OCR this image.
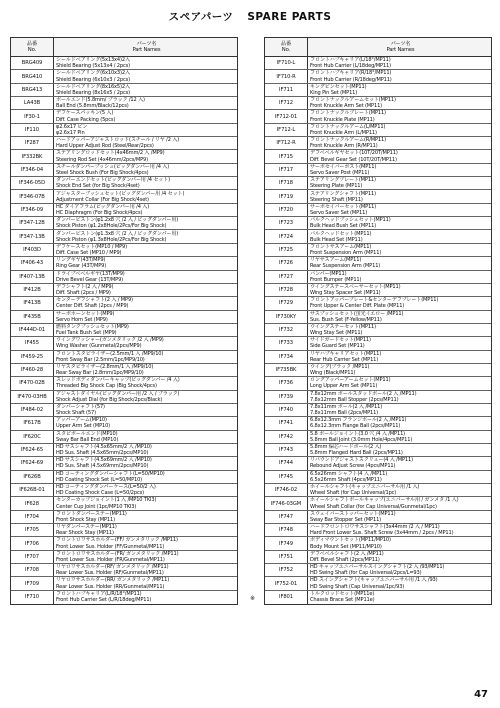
スペアパーツ SPARE PARTS
品番
No.
パーツ名
Part Names
BRG409
シールドベアリング(5x13x4)2入
Shield Bearing (5x13x4 / 2pcs)
BRG410
シールドベアリング(6x10x3)2入
Shield Bearing (6x10x3 / 2pcs)
BRG413
シールドベアリング(8x16x5)2入
Shield Bearing (8x16x5 / 2pcs)
LA43B
ボールエンド(5.8mm/ ブラック /12 入)
Ball End (5.8mm/Black/12pcs)
IF30-1
デフケースパッキン(5 入)
Diff. Case Packing (5pcs)
IF110
φ2.6x17 ピン
φ2.6x17 Pin
IF287
ハードアッパーアジャストロッド(スチール / リヤ /2 入)
Hard Upper Adjust Rod (Steel/Rear/2pcs)
IF332BK
ステアリングロッドセット(4x46mm/2 入 /MP9)
Steering Rod Set (4x46mm/2pcs/MP9)
IF346-04
スチールダンパーブッシュ(ビッグダンパー用 /4 入)
Steel Shock Bush (For Big Shock/4pcs)
IF346-05D
ダンパーエンドセット(ビッグダンパー用 /4 セット)
Shock End Set (for Big Shock/4set)
IF346-07B
アジャスターブッシュセット(ビッグダンパー用 /4 セット)
Adjustment Collar (For Big Shock/4set)
IF346-09
HC ダイアフラム(ビッグダンパー用 /4 入)
HC Diaphragm (For Big Shock/4pcs)
IF347-12B
ダンパーピストン(φ1.2x8 穴 /2 入 / ビッグダンパー用)
Shock Piston (φ1.2x8Hole/2Pcs/For Big Shock)
IF347-13B
ダンパーピストン(φ1.3x8 穴 /2 入 / ビッグダンパー用)
Shock Piston (φ1.3x8Hole/2Pcs/For Big Shock)
IF403D
デフケースセット(MP10 / MP9)
Diff. Case Set (MP10 / MP9)
IF406-43
リングギヤ(43T/MP9)
Ring Gear (43T/MP9)
IF407-13B
ドライブベベルギヤ(13T/MP9)
Drive Bevel Gear (13T/MP9)
IF412B
デフシャフト(2 入 / MP9)
Diff. Shaft (2pcs / MP9)
IF413B
センターデフシャフト(2 入 / MP9)
Center Diff. Shaft (2pcs / MP9)
IF435B
サーボホーンセット(MP9)
Servo Horn Set (MP9)
IF444D-01
燃料タンクブッシュセット(MP9)
Fuel Tank Bush Set (MP9)
IF455
ウイングワッシャー(ガンメタリック /2 入 /MP9)
Wing Washer (Gunmetal/2pcs/MP9)
IF459-25
フロントスタビライザー(2.5mm/1 入 /MP9/10)
Front Sway Bar (2.5mm/1pc/MP9/10)
IF460-28
リヤスタビライザー(2.8mm/1 入 /MP9/10)
Rear Sway Bar (2.8mm/1pc/MP9/10)
IF470-02B
スレッドボディダンパーキャップ(ビッグダンパー /4 入)
Threaded Big Shock Cap (Big Shock/4pcs)
IF470-03HB
アジャストダイヤル(ビッグダンパー用 /2 入 / ブラック)
Shock Adjust Dial (for Big Shock/2pcs/Black)
IF484-02
ダンパーシャフト(57)
Shock Shaft (57)
IF617B
アッパーアーム(MP10)
Upper Arm Set (MP10)
IF620C
スタビボールエンド(MP10)
Sway Bar Ball End (MP10)
IF624-65
HD サスシャフト(4.5x65mm/2 入 /MP10)
HD Sus. Shaft (4.5x65mm/2pcs/MP10)
IF624-69
HD サスシャフト(4.5x69mm/2 入 /MP10)
HD Sus. Shaft (4.5x69mm/2pcs/MP10)
IF626B
HD コーティングダンパーシャフト(L=50/MP10)
HD Coating Shock Set (L=50/MP10)
IF626B-01
HD コーティングダンパーケース(L=50/2 入)
HD Coating Shock Case (L=50/2pcs)
IF628
センターカップジョイント(1 入 /MP10 TKI3)
Center Cup Joint (1pc/MP10 TKI3)
IF704
フロントダンパーステー(MP11)
Front Shock Stay (MP11)
IF705
リヤダンパーステー(MP11)
Rear Shock Stay (MP11)
IF706
フロントロワサスホルダー(FF/ ガンメタリック /MP11)
Front Lower Sus. Holder (FF/Gunmetal/MP11)
IF707
フロントロワサスホルダー(FR/ ガンメタリック /MP11)
Front Lower Sus. Holder (FR/Gunmetal/MP11)
IF708
リヤロワサスホルダー(RF/ ガンメタリック /MP11)
Rear Lower Sus. Holder (RF/Gunmetal/MP11)
IF709
リヤロワサスホルダー(RR/ ガンメタリック /MP11)
Rear Lower Sus. Holder (RR/Gunmetal/MP11)
IF710
フロントハブキャリア(L/R/18°/MP11)
Front Hub Carrier Set (L/R/18deg/MP11)
品番
No.
パーツ名
Part Names
IF710-L
フロントハブキャリア(L/18°/MP11)
Front Hub Carrier (L/18deg/MP11)
IF710-R
フロントハブキャリア(R/18°/MP11)
Front Hub Carrier (R/18deg/MP11)
IF711
キングピンセット(MP11)
King Pin Set (MP11)
IF712
フロントナックルアームセット(MP11)
Front Knuckle Arm Set (MP11)
IF712-01
フロントナックルプレート(MP11)
Front Knuckle Plate (MP11)
IF712-L
フロントナックルアーム(L/MP11)
Front Knuckle Arm (L/MP11)
IF712-R
フロントナックルアーム(R/MP11)
Front Knuckle Arm (R/MP11)
IF715
デフベベルギヤセット(10T/20T/MP11)
Diff. Bevel Gear Set (10T/20T/MP11)
IF717
サーボセイバーポスト(MP11)
Servo Saver Post (MP11)
IF718
ステアリングプレート(MP11)
Steering Plate (MP11)
IF719
ステアリングシャフト(MP11)
Steering Shaft (MP11)
IF720
サーボセイバーセット(MP11)
Servo Saver Set (MP11)
IF723
バルクヘッドブッシュセット(MP11)
Bulk Head Bush Set (MP11)
IF724
バルクヘッドセット(MP11)
Bulk Head Set (MP11)
IF725
フロントサスアーム(MP11)
Front Suspension Arm (MP11)
IF726
リヤサスアーム(MP11)
Rear Suspension Arm (MP11)
IF727
バンパー(MP11)
Front Bumper (MP11)
IF728
ウイングステースペーサーセット(MP11)
Wing Stay Spacer Set (MP11)
IF729
フロントアッパープレート&センターデフプレート(MP11)
Front Upper & Center Diff. Plate (MP11)
IF730KY
サスブッシュセット(蛍光イエロー /MP11)
Sus. Bush Set (F-Yellow/MP11)
IF732
ウイングステーセット(MP11)
Wing Stay Set (MP11)
IF733
サイドガードセット(MP11)
Side Guard Set (MP11)
IF734
リヤハブキャリアセット(MP11)
Rear Hub Carrier Set (MP11)
IF735BK
ウイング(ブラック /MP11)
Wing (Black/MP11)
IF736
ロングアッパーアームセット(MP11)
Long Upper Arm Set (MP11)
IF739
7.8x12mm ボールスタッドボール(2 入 /MP11)
7.8x12mm Ball Stopper (2pcs/MP11)
IF740
7.8x11mm ボール(2 入 /MP11)
7.8x11mm Ball (2pcs/MP11)
IF741
6.8x12.3mm フランジボール(2 入 /MP11)
6.8x12.3mm Flange Ball (2pcs/MP11)
IF742
5.8 ボールジョイント(3.0 穴 /4 入 /MP11)
5.8mm Ball Joint (3.0mm Hole/4pcs/MP11)
IF743
5.8mm 偏芯ハードボール(2 入)
5.8mm Flanged Hard Ball (2pcs/MP11)
IF744
リバウンドアジャストスクリュー(4 入 /MP11)
Rebound Adjust Screw (4pcs/MP11)
IF745
6.5x26mm シャフト(4 入 /MP11)
6.5x26mm Shaft (4pcs/MP11)
IF746-02
ホイールシャフト(キャップユニバーサル用 /1 入)
Wheel Shaft (for Cap Universal/1pc)
IF746-03GM
ホイールシャフトボールキャップ(ユニバーサル用 / ガンメタ /1 入)
Wheel Shaft Collar (for Cap Universal/Gunmetal/1pc)
IF747
スウェイバーストッパーセット(MP11)
Sway Bar Stopper Set (MP11)
IF748
ハードフロントロワサスシャフト(3x44mm /2 入 / MP11)
Hard Front Lower Sus. Shaft Screw (3x44mm / 2pcs / MP11)
IF749
ボディマウントセット(MP11/MP10)
Body Mount Set (MP11/MP10)
IF751
デフベベルシャフト(2 入 /MP11)
Diff. Bevel Shaft (2pcs/MP11)
IF752
HD キャップユニバーサルスイングシャフト(2 入 /93/MP11)
HD Swing Shaft (for Cap Universal/2pcs/L=93)
IF752-01
HD スイングシャフト(キャップユニバーサル用 /1 入 /93)
HD Swing Shaft (Cap Universal/1pc/93)
IF801
トルクロッドセット(MP11e)
Chassis Brace Set (MP11e)
※
47
